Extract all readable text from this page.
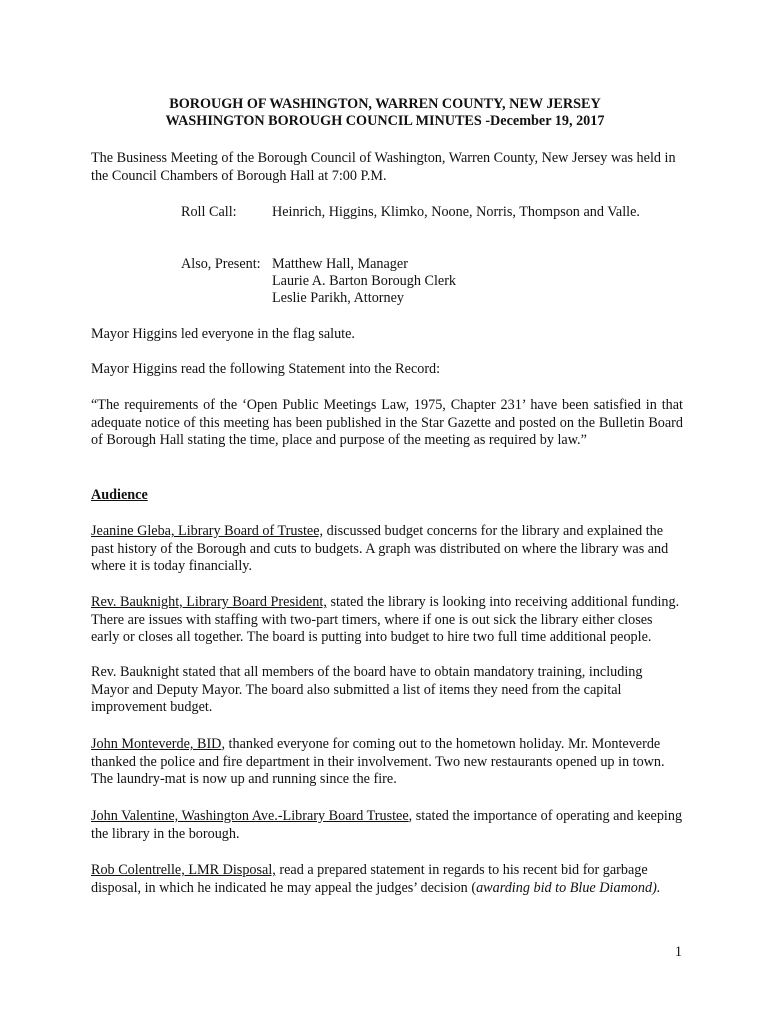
BOROUGH OF WASHINGTON, WARREN COUNTY, NEW JERSEY
WASHINGTON BOROUGH COUNCIL MINUTES -December 19, 2017

The Business Meeting of the Borough Council of Washington, Warren County, New Jersey was held in the Council Chambers of Borough Hall at 7:00 P.M.

Roll Call: Heinrich, Higgins, Klimko, Noone, Norris, Thompson and Valle.
Also, Present: Matthew Hall, Manager
Laurie A. Barton Borough Clerk
Leslie Parikh, Attorney

Mayor Higgins led everyone in the flag salute.

Mayor Higgins read the following Statement into the Record:

“The requirements of the ‘Open Public Meetings Law, 1975, Chapter 231’ have been satisfied in that adequate notice of this meeting has been published in the Star Gazette and posted on the Bulletin Board of Borough Hall stating the time, place and purpose of the meeting as required by law.”

Audience

Jeanine Gleba, Library Board of Trustee, discussed budget concerns for the library and explained the past history of the Borough and cuts to budgets. A graph was distributed on where the library was and where it is today financially.

Rev. Bauknight, Library Board President, stated the library is looking into receiving additional funding. There are issues with staffing with two-part timers, where if one is out sick the library either closes early or closes all together. The board is putting into budget to hire two full time additional people.

Rev. Bauknight stated that all members of the board have to obtain mandatory training, including Mayor and Deputy Mayor. The board also submitted a list of items they need from the capital improvement budget.

John Monteverde, BID, thanked everyone for coming out to the hometown holiday. Mr. Monteverde thanked the police and fire department in their involvement. Two new restaurants opened up in town. The laundry-mat is now up and running since the fire.

John Valentine, Washington Ave.-Library Board Trustee, stated the importance of operating and keeping the library in the borough.

Rob Colentrelle, LMR Disposal, read a prepared statement in regards to his recent bid for garbage disposal, in which he indicated he may appeal the judges’ decision (awarding bid to Blue Diamond).

1
